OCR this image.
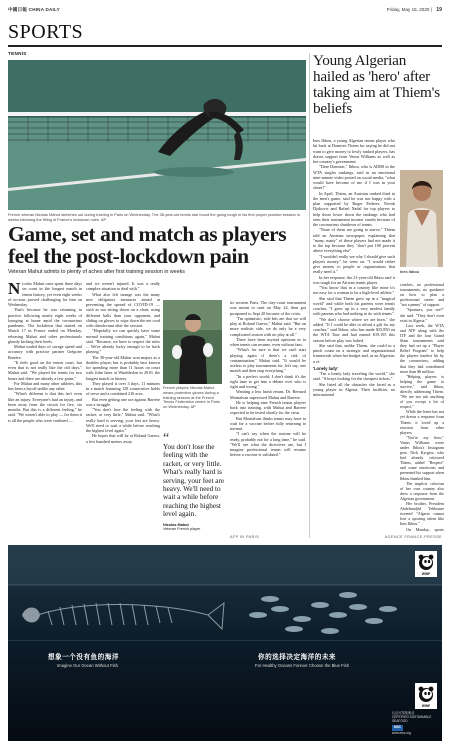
中國日報 CHINA DAILY	Friday, May 15, 2020 | 19
SPORTS
TENNIS
French veteran Nicolas Mahut stretches out during training in Paris on Wednesday. The 38-year-old tennis star found the going tough in his first proper practice session in weeks following the lifting of France's lockdown rules. AP
Game, set and match as players feel the post-lockdown pain
Veteran Mahut admits to plenty of aches after first training session in weeks

Nicolas Mahut once spent three days on court in the longest match in tennis history, yet even eight weeks of no-tour proved challenging for him on Wednesday.

That's because he was returning to practice following nearly eight weeks of lounging at home amid the coronavirus pandemic. The lockdown that started on March 17 in France ended on Monday, releasing Mahut and other professionals glumly kicking their heels.

Mahut traded days of savage speed and accuracy with practice partner Grégoire Barrère.

"It feels good on the tennis court, but even that is not really like the old days," Mahut said. "We played the tennis for two hours and there are already a few pains."

For Mahut and many other athletes, this has been a layoff unlike any other.

"What's different is that this isn't even like an injury. Everyone's had an injury, and been away from the circuit for five, six months. But this is a different feeling," he said. "We weren't able to play — for them it is all the people who were confined —

and we weren't injured. It was a really complex situation to deal with."

What also felt strange was the many new obligatory measures aimed at preventing the spread of COVID-19 — such as not sitting down on a chair, using different balls than your opponent, and sliding on gloves to wipe down the net cord with disinfectant after the session.

"Hopefully we can quickly have some normal training conditions again," Mahut said. "Because, we have to respect the rules ... We're already lucky enough to be back playing."

The 38-year-old Mahut won majors as a doubles player, but is probably best known for spending more than 11 hours on court with John Isner at Wimbledon in 2010, the longest match in history.

They played it over 3 days, 11 minutes in a match featuring 138 consecutive holds of serve and a combined 216 aces.

But even getting one ace against Barrère was a struggle.

"You don't lose the feeling with the racket, or very little," Mahut said. "What's really hard is serving, your feet are heavy. We'll need to wait a while before reaching the highest level again."

He hopes that will be at Roland Garros, a few hundred meters away

French players Nicolas Mahut wears protective gloves during a training session at the French Tennis Federation centre in Paris on Wednesday. AP
“
You don't lose the feeling with the racket, or very little. What's really hard is serving, your feet are heavy. We'll need to wait a while before reaching the highest level again.
Nicolas Mahut
Veteran French player

its western Paris. The clay-court tournament was meant to start on May 24, then got postponed to Sept 20 because of the crisis.

"I'm optimistic; side bits are that we will play at Roland Garros," Mahut said. "But on more realistic side, we do only be a very complicated season with no play at all."

There have been myriad opinions as to when tennis can resume, even without fans.

"What's for sure is that we can't start playing again if there's a risk of contamination," Mahut said. "It would be useless to play tournaments for, let's say, one month and then stop everything."

"In a perfect world, I don't think it's the right time to get into a debate over who is right and wrong."

Wanting a less harsh return, Dr. Bernard Montalvan supervised Mahut and Barrere.

He is helping nine French tennis players back into training, with Mahut and Barrere expected to be tested shortly for the virus.

But Montalvan thinks tennis may have to wait for a vaccine before fully returning to normal.

"I can't say when the routine will be ready, probably not for a long time," he said. "We'll see what the directives are, but I imagine professional tennis will resume before a vaccine is validated."

AFP IN PARIS
Young Algerian hailed as 'hero' after taking aim at Thiem's beliefs

Ines Ibbou, a young Algerian tennis player who hit back at Dominic Thiem for saying he did not want to give money to lowly ranked players, has drawn support from Venus Williams as well as her country's government.

"Dear Dominic," Ibbou, who is ADR8 in the WTA singles rankings, said in an emotional nine-minute video posted on social media, "what would have become of me if I was in your shoes?"

In April, Thiem, an Austrian ranked third in the men's game, said he was not happy with a plan supported by Roger Federer, Novak Djokovic and Rafael Nadal for top players to help those lower down the rankings who had seen their tournament income vanish because of the coronavirus shutdown of tennis.

"None of them are going to starve," Thiem told an Austrian newspaper, explaining that "many, many" of those players had not made it to the top because they "don't put 100 percent above everything else".

"I wouldn't really see why I should give such players money," he went on. "I would rather give money to people or organizations that really need it."

In her response, the 21-year-old Ibbou said it was tough for an African tennis player.

"You know that in a country like mine it's not easy for a woman to be a high-level athlete."

She said that Thiem grew up in a "magical world" and while both his parents were tennis coaches, "I grew up in a very modest family with parents who had nothing to do with tennis".

"We don't choose where we are born," she added. "If I could be able to afford a gift for my coaches," said Ibbou, who has made $35,850 on the WTA Tour and had earned $19,195 this season before play was halted.

She said that, unlike Thiem, she could in a pinch count on a strategic and organizational framework when her budget and, as an Algerian, a vi-

'Lonely lady'

"I'm a lonely lady traveling the world," she said. "Always looking for the cheapest tickets."

She listed all the obstacles she faced as a young player in Algeria. Their facilities, no international

Ines Ibbou

coaches, no professional tournaments, no guidance on how to plan a professional career and "not a penny" of support.

"Sponsors, you see?" she said. "They don't even exist in Algeria."

Last week, the WTA and ATP along with the ITF and the four Grand Slam tournaments said they had set up a "Player Relief Program" to help the players hardest hit by the coronavirus, adding that they had contributed more than $6 million.

"Helping players is helping the game to survive," said Ibbou, directly addressing Thiem. "We are not ask anything of you except a bit of respect."

While the letter has not yet drawn a response from Thiem, it loved up a reaction from other players.

"You're my hero," Venus Williams wrote under Ibbou's Instagram post. Nick Kyrgios, who had already criticized Thiem, added "Respect" and some emoticons and presented his support when Ibbou thanked him.

The implicit criticism of her own country also drew a response from the Algerian government.

Her brother, President Abdelmadjid Tebboune tweeted "Algeria cannot lose a sporting talent like Ines Ibbou."

On Monday, sports

AGENCE FRANCE-PRESSE
想象一个没有鱼的海洋
Imagine Our Ocean Without Fish
你的选择决定海洋的未来
For Healthy Oceans Forever Choose the Blue Fish
WWF
WWF
认证可持续渔业
CERTIFIED SUSTAINABLE SEAFOOD
MSC
www.msc.org
